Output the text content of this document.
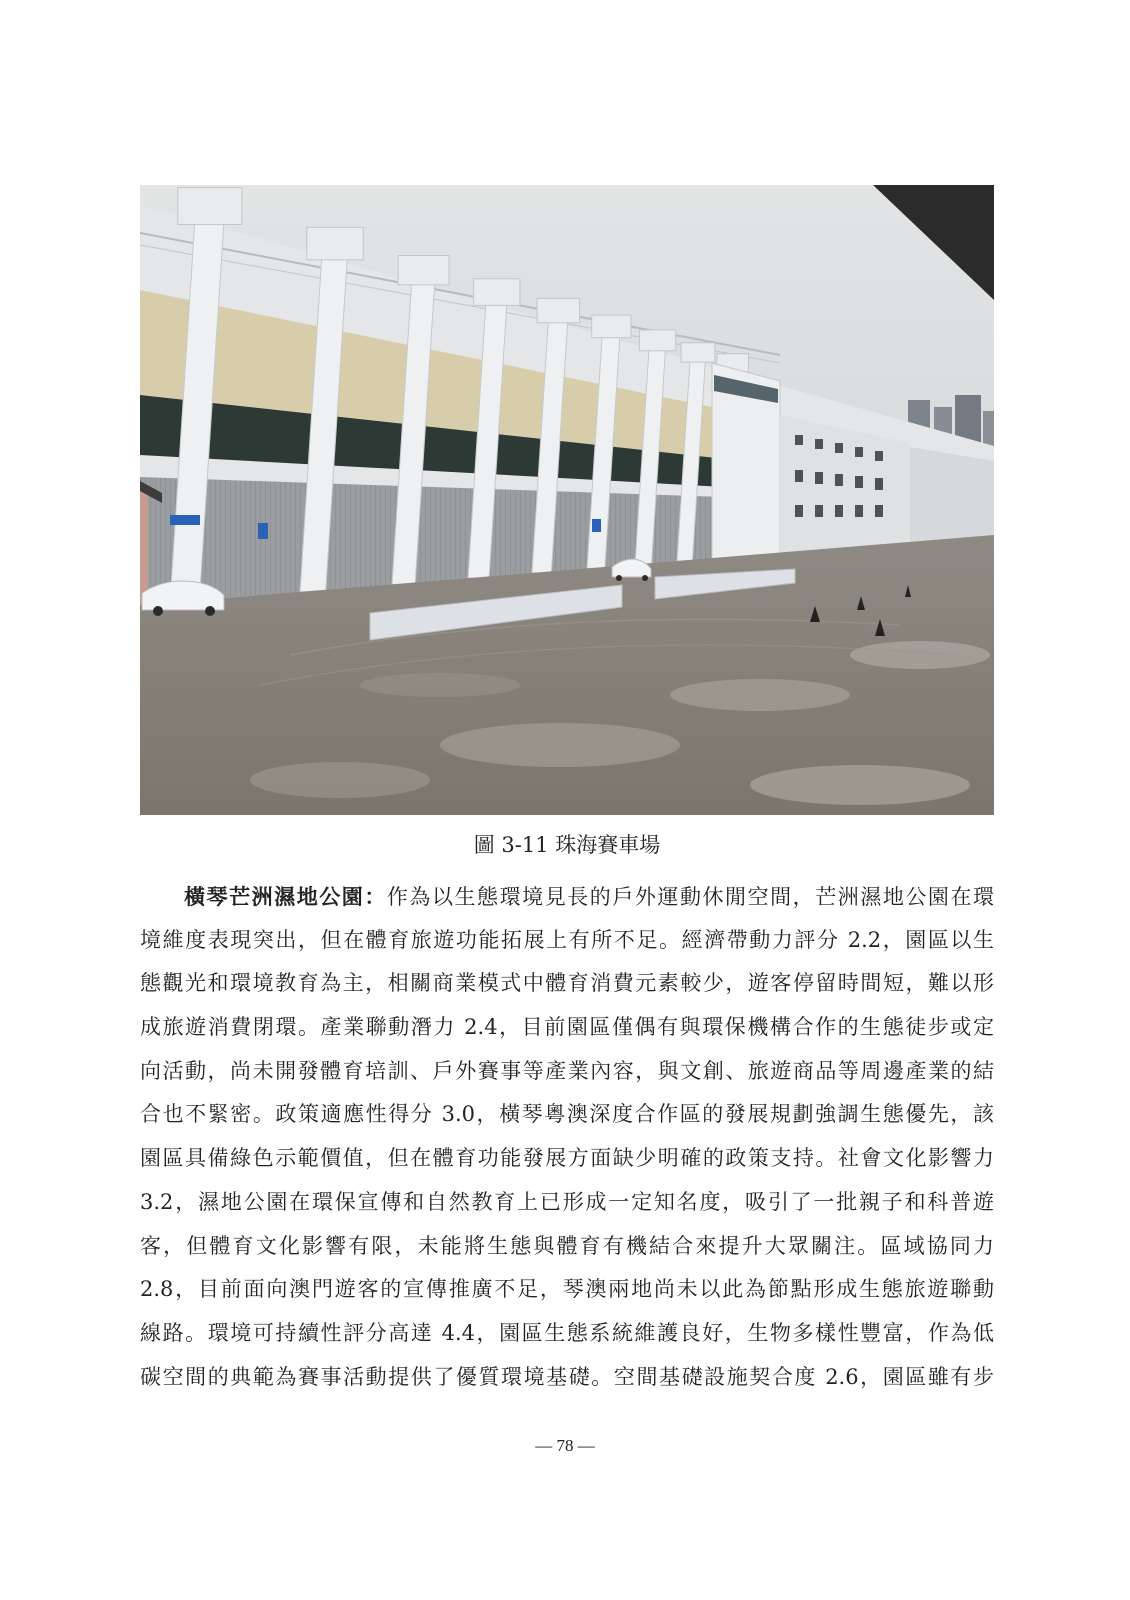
圖 3-11 珠海賽車場
橫琴芒洲濕地公園：作為以生態環境見長的戶外運動休閒空間，芒洲濕地公園在環
境維度表現突出，但在體育旅遊功能拓展上有所不足。經濟帶動力評分 2.2，園區以生
態觀光和環境教育為主，相關商業模式中體育消費元素較少，遊客停留時間短，難以形
成旅遊消費閉環。產業聯動潛力 2.4，目前園區僅偶有與環保機構合作的生態徒步或定
向活動，尚未開發體育培訓、戶外賽事等產業內容，與文創、旅遊商品等周邊產業的結
合也不緊密。政策適應性得分 3.0，橫琴粵澳深度合作區的發展規劃強調生態優先，該
園區具備綠色示範價值，但在體育功能發展方面缺少明確的政策支持。社會文化影響力
3.2，濕地公園在環保宣傳和自然教育上已形成一定知名度，吸引了一批親子和科普遊
客，但體育文化影響有限，未能將生態與體育有機結合來提升大眾關注。區域協同力
2.8，目前面向澳門遊客的宣傳推廣不足，琴澳兩地尚未以此為節點形成生態旅遊聯動
線路。環境可持續性評分高達 4.4，園區生態系統維護良好，生物多樣性豐富，作為低
碳空間的典範為賽事活動提供了優質環境基礎。空間基礎設施契合度 2.6，園區雖有步
— 78 —
